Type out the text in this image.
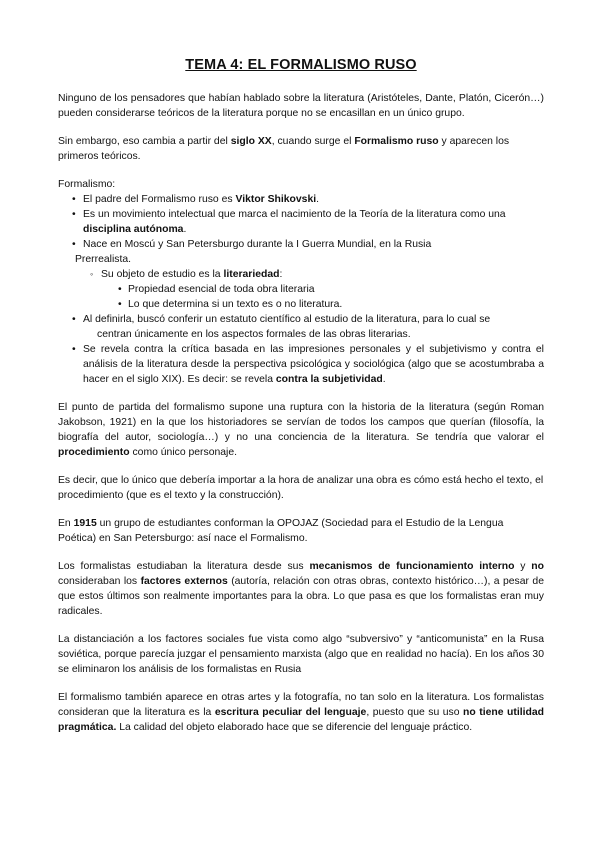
TEMA 4: EL FORMALISMO RUSO

Ninguno de los pensadores que habían hablado sobre la literatura (Aristóteles, Dante, Platón, Cicerón…) pueden considerarse teóricos de la literatura porque no se encasillan en un único grupo.

Sin embargo, eso cambia a partir del siglo XX, cuando surge el Formalismo ruso y aparecen los primeros teóricos.

Formalismo:
• El padre del Formalismo ruso es Viktor Shikovski.
• Es un movimiento intelectual que marca el nacimiento de la Teoría de la literatura como una disciplina autónoma.
• Nace en Moscú y San Petersburgo durante la I Guerra Mundial, en la Rusia
Prerrealista.
◦ Su objeto de estudio es la literariedad:
• Propiedad esencial de toda obra literaria
• Lo que determina si un texto es o no literatura.
• Al definirla, buscó conferir un estatuto científico al estudio de la literatura, para lo cual se
centran únicamente en los aspectos formales de las obras literarias.
• Se revela contra la crítica basada en las impresiones personales y el subjetivismo y contra el análisis de la literatura desde la perspectiva psicológica y sociológica (algo que se acostumbraba a hacer en el siglo XIX). Es decir: se revela contra la subjetividad.

El punto de partida del formalismo supone una ruptura con la historia de la literatura (según Roman Jakobson, 1921) en la que los historiadores se servían de todos los campos que querían (filosofía, la biografía del autor, sociología…) y no una conciencia de la literatura. Se tendría que valorar el procedimiento como único personaje.

Es decir, que lo único que debería importar a la hora de analizar una obra es cómo está hecho el texto, el procedimiento (que es el texto y la construcción).

En 1915 un grupo de estudiantes conforman la OPOJAZ (Sociedad para el Estudio de la Lengua Poética) en San Petersburgo: así nace el Formalismo.

Los formalistas estudiaban la literatura desde sus mecanismos de funcionamiento interno y no consideraban los factores externos (autoría, relación con otras obras, contexto histórico…), a pesar de que estos últimos son realmente importantes para la obra. Lo que pasa es que los formalistas eran muy radicales.

La distanciación a los factores sociales fue vista como algo “subversivo” y “anticomunista” en la Rusa soviética, porque parecía juzgar el pensamiento marxista (algo que en realidad no hacía). En los años 30 se eliminaron los análisis de los formalistas en Rusia

El formalismo también aparece en otras artes y la fotografía, no tan solo en la literatura. Los formalistas consideran que la literatura es la escritura peculiar del lenguaje, puesto que su uso no tiene utilidad pragmática. La calidad del objeto elaborado hace que se diferencie del lenguaje práctico.
